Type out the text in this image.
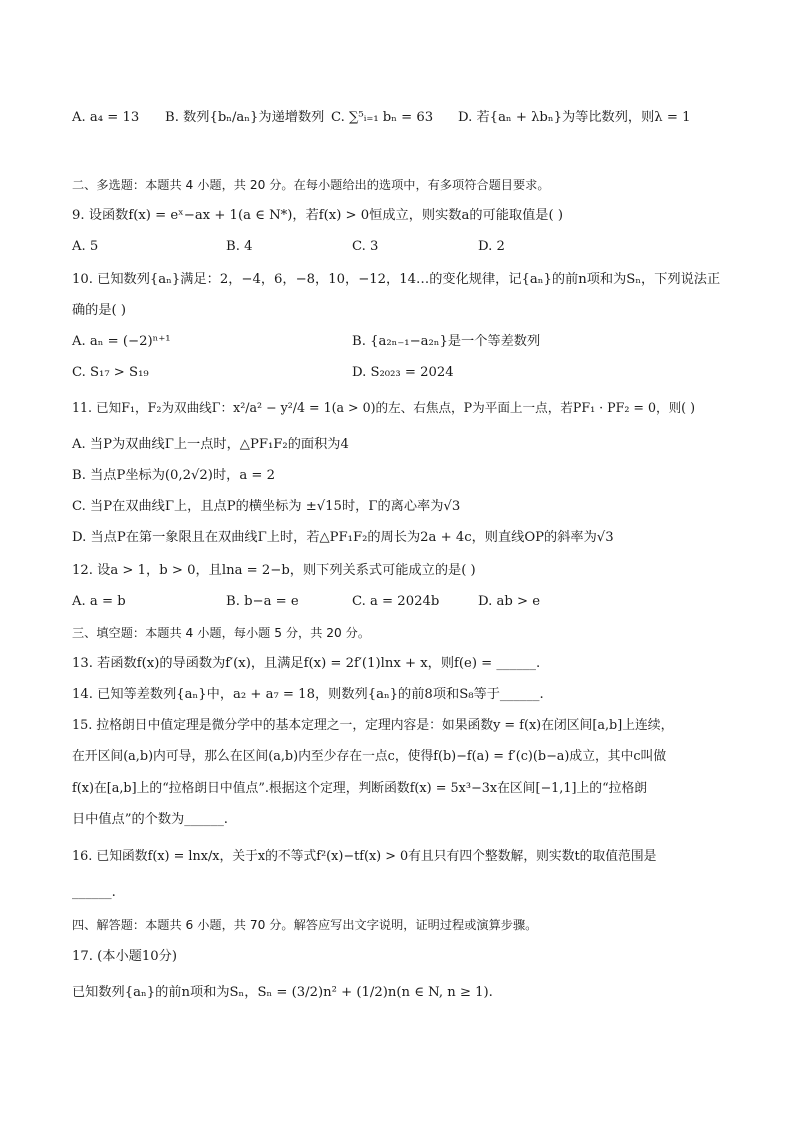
A. a₄ = 13 B. 数列{bₙ/aₙ}为递增数列 C. ∑⁵ᵢ₌₁ bₙ = 63 D. 若{aₙ + λbₙ}为等比数列，则λ = 1
二、多选题：本题共 4 小题，共 20 分。在每小题给出的选项中，有多项符合题目要求。
9. 设函数f(x) = eˣ−ax + 1(a ∈ N*)，若f(x) > 0恒成立，则实数a的可能取值是( )
A. 5	B. 4	C. 3	D. 2
10. 已知数列{aₙ}满足：2，−4，6，−8，10，−12，14…的变化规律，记{aₙ}的前n项和为Sₙ，下列说法正
确的是( )
A. aₙ = (−2)ⁿ⁺¹	B. {a₂ₙ₋₁−a₂ₙ}是一个等差数列
C. S₁₇ > S₁₉	D. S₂₀₂₃ = 2024
11. 已知F₁，F₂为双曲线Γ：x²/a² − y²/4 = 1(a > 0)的左、右焦点，P为平面上一点，若PF₁ · PF₂ = 0，则( )
A. 当P为双曲线Γ上一点时，△PF₁F₂的面积为4
B. 当点P坐标为(0,2√2)时，a = 2
C. 当P在双曲线Γ上，且点P的横坐标为 ±√15时，Γ的离心率为√3
D. 当点P在第一象限且在双曲线Γ上时，若△PF₁F₂的周长为2a + 4c，则直线OP的斜率为√3
12. 设a > 1，b > 0，且lna = 2−b，则下列关系式可能成立的是( )
A. a = b	B. b−a = e	C. a = 2024b	D. ab > e
三、填空题：本题共 4 小题，每小题 5 分，共 20 分。
13. 若函数f(x)的导函数为f′(x)，且满足f(x) = 2f′(1)lnx + x，则f(e) = ______.
14. 已知等差数列{aₙ}中，a₂ + a₇ = 18，则数列{aₙ}的前8项和S₈等于______.
15. 拉格朗日中值定理是微分学中的基本定理之一，定理内容是：如果函数y = f(x)在闭区间[a,b]上连续，
在开区间(a,b)内可导，那么在区间(a,b)内至少存在一点c，使得f(b)−f(a) = f′(c)(b−a)成立，其中c叫做
f(x)在[a,b]上的“拉格朗日中值点”.根据这个定理，判断函数f(x) = 5x³−3x在区间[−1,1]上的“拉格朗
日中值点”的个数为______.
16. 已知函数f(x) = lnx/x，关于x的不等式f²(x)−tf(x) > 0有且只有四个整数解，则实数t的取值范围是
______.
四、解答题：本题共 6 小题，共 70 分。解答应写出文字说明，证明过程或演算步骤。
17. (本小题10分)
已知数列{aₙ}的前n项和为Sₙ，Sₙ = (3/2)n² + (1/2)n(n ∈ N, n ≥ 1).
